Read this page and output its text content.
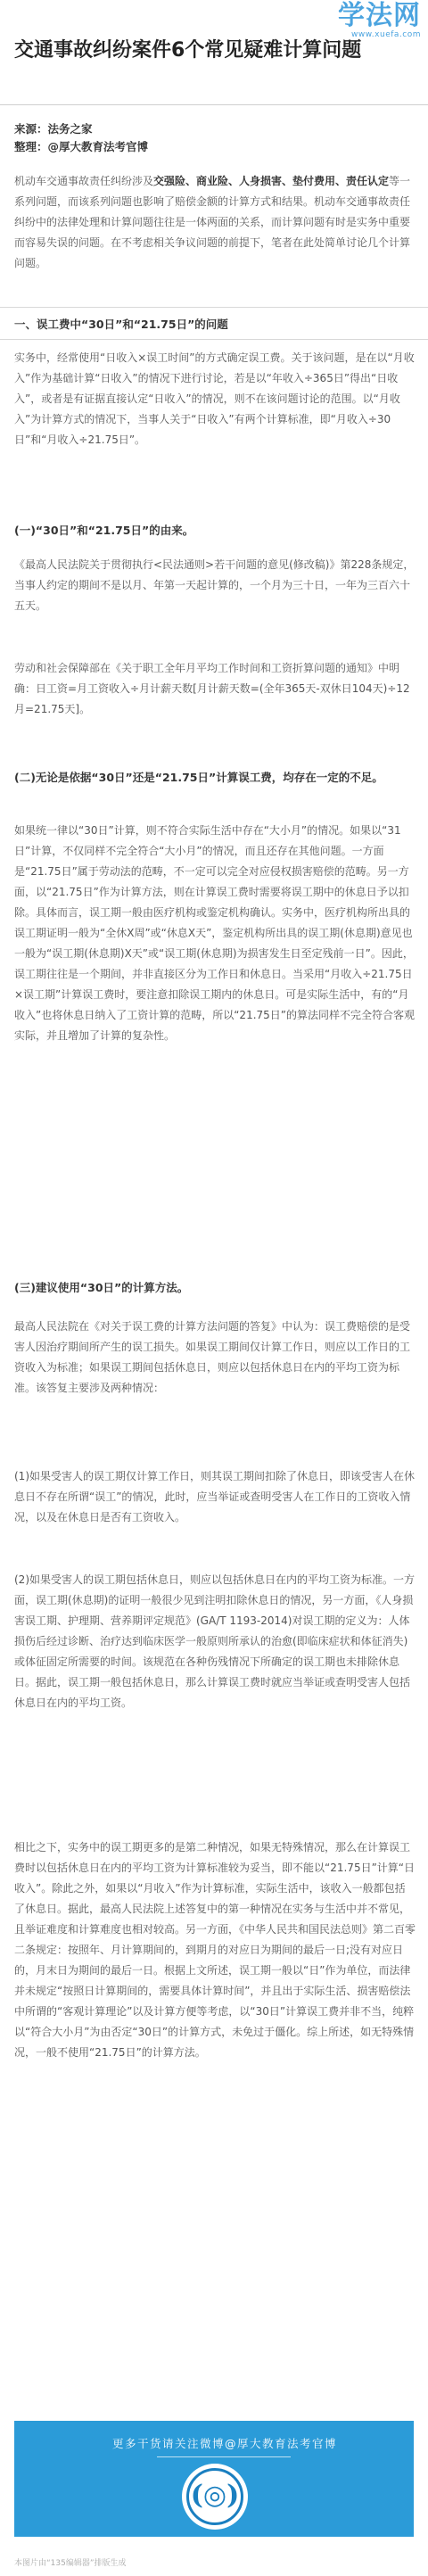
学法网
www.xuefa.com
交通事故纠纷案件6个常见疑难计算问题
来源：法务之家
整理：@厚大教育法考官博

机动车交通事故责任纠纷涉及交强险、商业险、人身损害、垫付费用、责任认定等一系列问题，而该系列问题也影响了赔偿金额的计算方式和结果。机动车交通事故责任纠纷中的法律处理和计算问题往往是一体两面的关系，而计算问题有时是实务中重要而容易失误的问题。在不考虑相关争议问题的前提下，笔者在此处简单讨论几个计算问题。

一、误工费中“30日”和“21.75日”的问题

实务中，经常使用“日收入×误工时间”的方式确定误工费。关于该问题，是在以“月收入”作为基础计算“日收入”的情况下进行讨论，若是以“年收入÷365日”得出“日收入”，或者是有证据直接认定“日收入”的情况，则不在该问题讨论的范围。以“月收入”为计算方式的情况下，当事人关于“日收入”有两个计算标准，即“月收入÷30日”和“月收入÷21.75日”。

(一)“30日”和“21.75日”的由来。

《最高人民法院关于贯彻执行<民法通则>若干问题的意见(修改稿)》第228条规定，当事人约定的期间不是以月、年第一天起计算的，一个月为三十日，一年为三百六十五天。

劳动和社会保障部在《关于职工全年月平均工作时间和工资折算问题的通知》中明确：日工资=月工资收入÷月计薪天数[月计薪天数=(全年365天-双休日104天)÷12月=21.75天]。

(二)无论是依据“30日”还是“21.75日”计算误工费，均存在一定的不足。

如果统一律以“30日”计算，则不符合实际生活中存在“大小月”的情况。如果以“31日”计算，不仅同样不完全符合“大小月”的情况，而且还存在其他问题。一方面是“21.75日”属于劳动法的范畴，不一定可以完全对应侵权损害赔偿的范畴。另一方面，以“21.75日”作为计算方法，则在计算误工费时需要将误工期中的休息日予以扣除。具体而言，误工期一般由医疗机构或鉴定机构确认。实务中，医疗机构所出具的误工期证明一般为“全休X周”或“休息X天”，鉴定机构所出具的误工期(休息期)意见也一般为“误工期(休息期)X天”或“误工期(休息期)为损害发生日至定残前一日”。因此，误工期往往是一个期间，并非直接区分为工作日和休息日。当采用“月收入÷21.75日×误工期”计算误工费时，要注意扣除误工期内的休息日。可是实际生活中，有的“月收入”也将休息日纳入了工资计算的范畴，所以“21.75日”的算法同样不完全符合客观实际，并且增加了计算的复杂性。

(三)建议使用“30日”的计算方法。

最高人民法院在《对关于误工费的计算方法问题的答复》中认为：误工费赔偿的是受害人因治疗期间所产生的误工损失。如果误工期间仅计算工作日，则应以工作日的工资收入为标准；如果误工期间包括休息日，则应以包括休息日在内的平均工资为标准。该答复主要涉及两种情况：

(1)如果受害人的误工期仅计算工作日，则其误工期间扣除了休息日，即该受害人在休息日不存在所谓“误工”的情况，此时，应当举证或查明受害人在工作日的工资收入情况，以及在休息日是否有工资收入。

(2)如果受害人的误工期包括休息日，则应以包括休息日在内的平均工资为标准。一方面，误工期(休息期)的证明一般很少见到注明扣除休息日的情况，另一方面，《人身损害误工期、护理期、营养期评定规范》(GA/T 1193-2014)对误工期的定义为：人体损伤后经过诊断、治疗达到临床医学一般原则所承认的治愈(即临床症状和体征消失)或体征固定所需要的时间。该规范在各种伤残情况下所确定的误工期也未排除休息日。据此，误工期一般包括休息日，那么计算误工费时就应当举证或查明受害人包括休息日在内的平均工资。

相比之下，实务中的误工期更多的是第二种情况，如果无特殊情况，那么在计算误工费时以包括休息日在内的平均工资为计算标准较为妥当，即不能以“21.75日”计算“日收入”。除此之外，如果以“月收入”作为计算标准，实际生活中，该收入一般都包括了休息日。据此，最高人民法院上述答复中的第一种情况在实务与生活中并不常见，且举证难度和计算难度也相对较高。另一方面，《中华人民共和国民法总则》第二百零二条规定：按照年、月计算期间的，到期月的对应日为期间的最后一日;没有对应日的，月末日为期间的最后一日。根据上文所述，误工期一般以“日”作为单位，而法律并未规定“按照日计算期间的，需要具体计算时间”，并且出于实际生活、损害赔偿法中所谓的“客观计算理论”以及计算方便等考虑，以“30日”计算误工费并非不当，纯粹以“符合大小月”为由否定“30日”的计算方式，未免过于僵化。综上所述，如无特殊情况，一般不使用“21.75日”的计算方法。

更多干货请关注微博@厚大教育法考官博
(◎)
本图片由“135编辑器”排版生成
